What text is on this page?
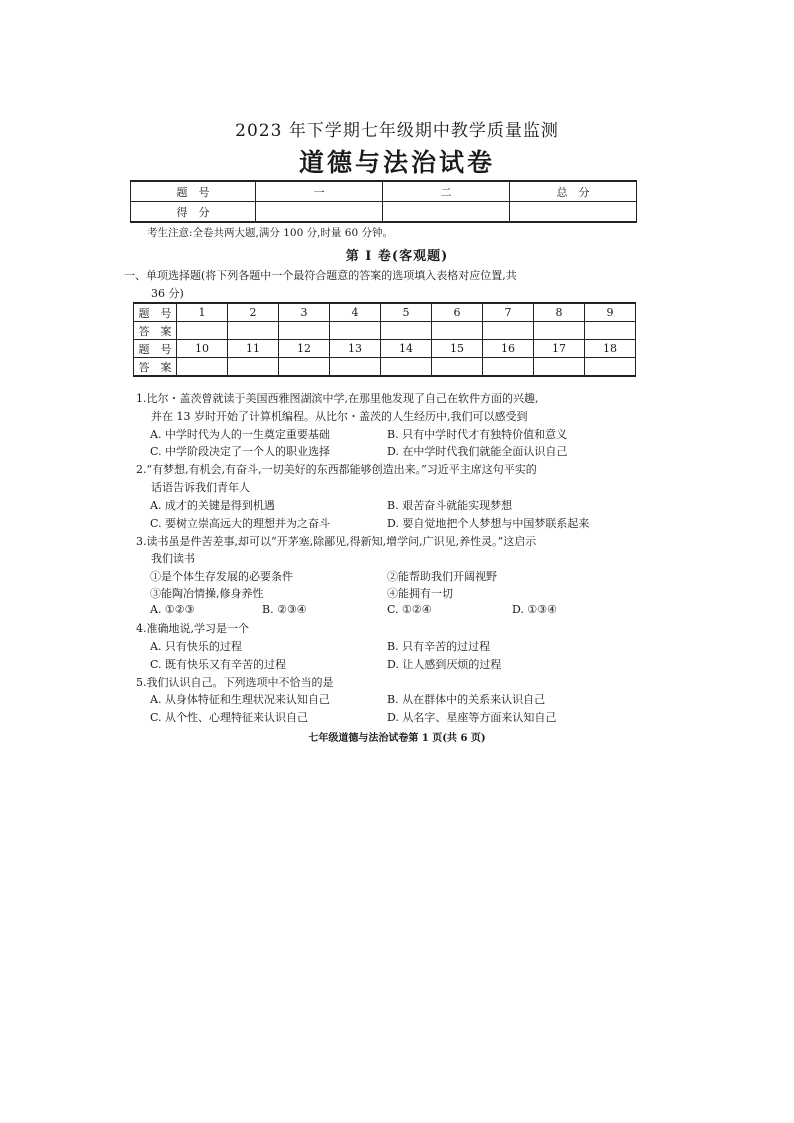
2023 年下学期七年级期中教学质量监测
道德与法治试卷
题　号	一	二	总　分
得　分			
考生注意:全卷共两大题,满分 100 分,时量 60 分钟。
第 Ⅰ 卷(客观题)
一、单项选择题(将下列各题中一个最符合题意的答案的选项填入表格对应位置,共
36 分)
题　号	1	2	3	4	5	6	7	8	9
答　案									
题　号	10	11	12	13	14	15	16	17	18
答　案									
1.比尔・盖茨曾就读于美国西雅图湖滨中学,在那里他发现了自己在软件方面的兴趣,
并在 13 岁时开始了计算机编程。从比尔・盖茨的人生经历中,我们可以感受到
A. 中学时代为人的一生奠定重要基础	B. 只有中学时代才有独特价值和意义
C. 中学阶段决定了一个人的职业选择	D. 在中学时代我们就能全面认识自己
2.“有梦想,有机会,有奋斗,一切美好的东西都能够创造出来。”习近平主席这句平实的
话语告诉我们青年人
A. 成才的关键是得到机遇	B. 艰苦奋斗就能实现梦想
C. 要树立崇高远大的理想并为之奋斗	D. 要自觉地把个人梦想与中国梦联系起来
3.读书虽是件苦差事,却可以“开茅塞,除鄙见,得新知,增学问,广识见,养性灵。”这启示
我们读书
①是个体生存发展的必要条件	②能帮助我们开阔视野
③能陶冶情操,修身养性	④能拥有一切
A. ①②③	B. ②③④	C. ①②④	D. ①③④
4.准确地说,学习是一个
A. 只有快乐的过程	B. 只有辛苦的过过程
C. 既有快乐又有辛苦的过程	D. 让人感到厌烦的过程
5.我们认识自己。下列选项中不恰当的是
A. 从身体特征和生理状况来认知自己	B. 从在群体中的关系来认识自己
C. 从个性、心理特征来认识自己	D. 从名字、星座等方面来认知自己
七年级道德与法治试卷第 1 页(共 6 页)
